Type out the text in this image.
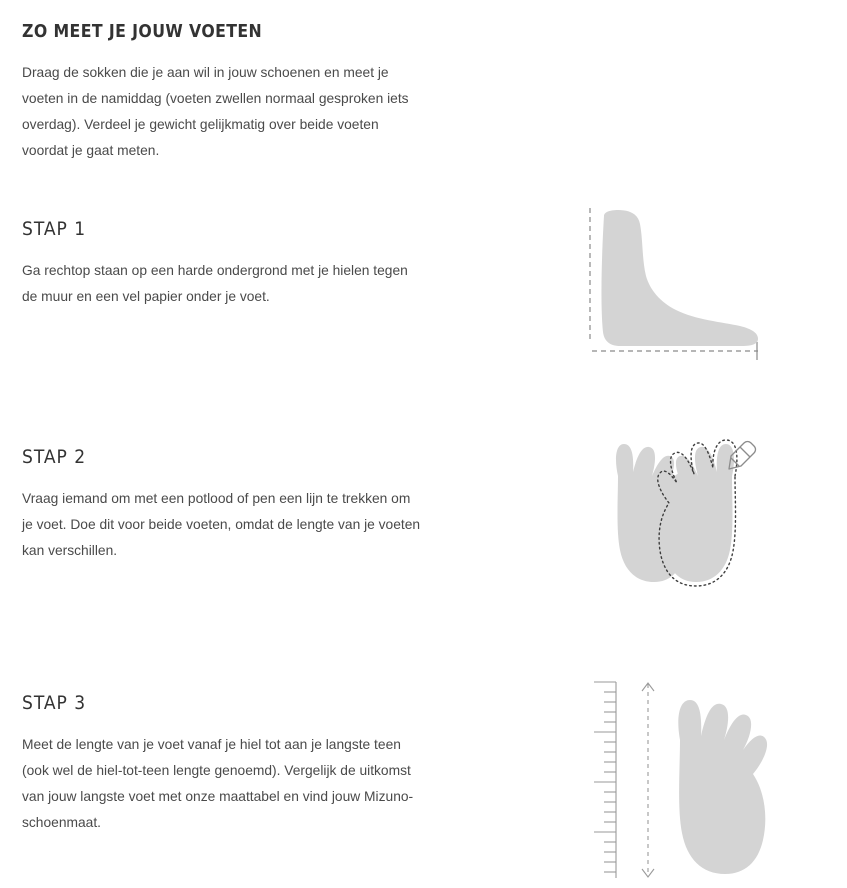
ZO MEET JE JOUW VOETEN

Draag de sokken die je aan wil in jouw schoenen en meet je voeten in de namiddag (voeten zwellen normaal gesproken iets overdag). Verdeel je gewicht gelijkmatig over beide voeten voordat je gaat meten.

STAP 1

Ga rechtop staan op een harde ondergrond met je hielen tegen de muur en een vel papier onder je voet.

STAP 2

Vraag iemand om met een potlood of pen een lijn te trekken om je voet. Doe dit voor beide voeten, omdat de lengte van je voeten kan verschillen.

STAP 3

Meet de lengte van je voet vanaf je hiel tot aan je langste teen (ook wel de hiel-tot-teen lengte genoemd). Vergelijk de uitkomst van jouw langste voet met onze maattabel en vind jouw Mizuno-schoenmaat.
